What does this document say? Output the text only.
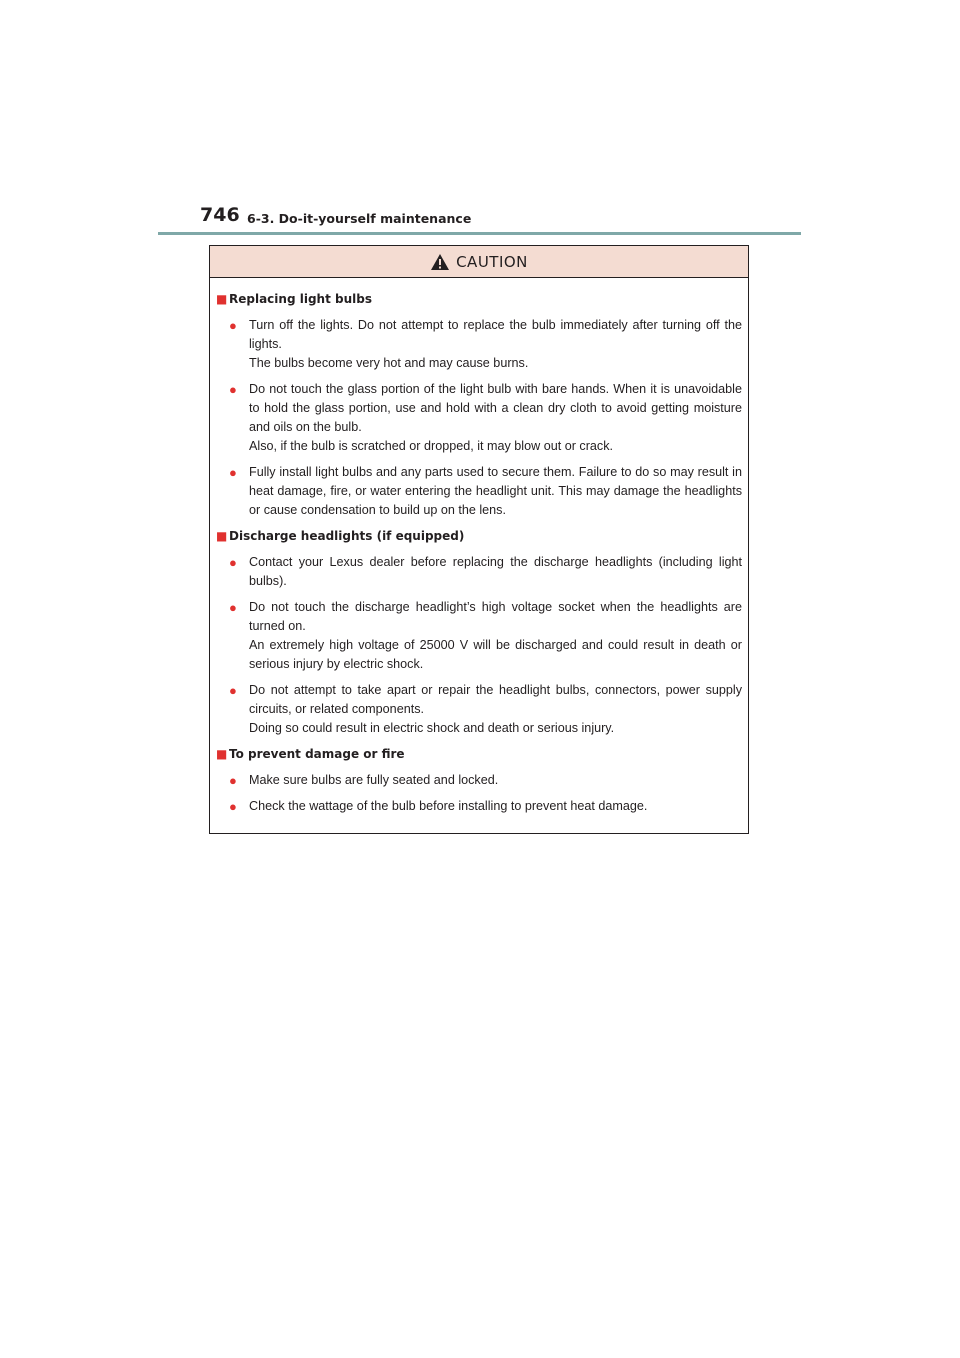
746 6-3. Do-it-yourself maintenance
CAUTION
■ Replacing light bulbs
● Turn off the lights. Do not attempt to replace the bulb immediately after turning off the lights.

The bulbs become very hot and may cause burns.

● Do not touch the glass portion of the light bulb with bare hands. When it is unavoidable to hold the glass portion, use and hold with a clean dry cloth to avoid getting moisture and oils on the bulb.

Also, if the bulb is scratched or dropped, it may blow out or crack.

● Fully install light bulbs and any parts used to secure them. Failure to do so may result in heat damage, fire, or water entering the headlight unit. This may damage the headlights or cause condensation to build up on the lens.

■ Discharge headlights (if equipped)
● Contact your Lexus dealer before replacing the discharge headlights (including light bulbs).

● Do not touch the discharge headlight’s high voltage socket when the headlights are turned on.

An extremely high voltage of 25000 V will be discharged and could result in death or serious injury by electric shock.

● Do not attempt to take apart or repair the headlight bulbs, connectors, power supply circuits, or related components.

Doing so could result in electric shock and death or serious injury.

■ To prevent damage or fire
● Make sure bulbs are fully seated and locked.

● Check the wattage of the bulb before installing to prevent heat damage.
